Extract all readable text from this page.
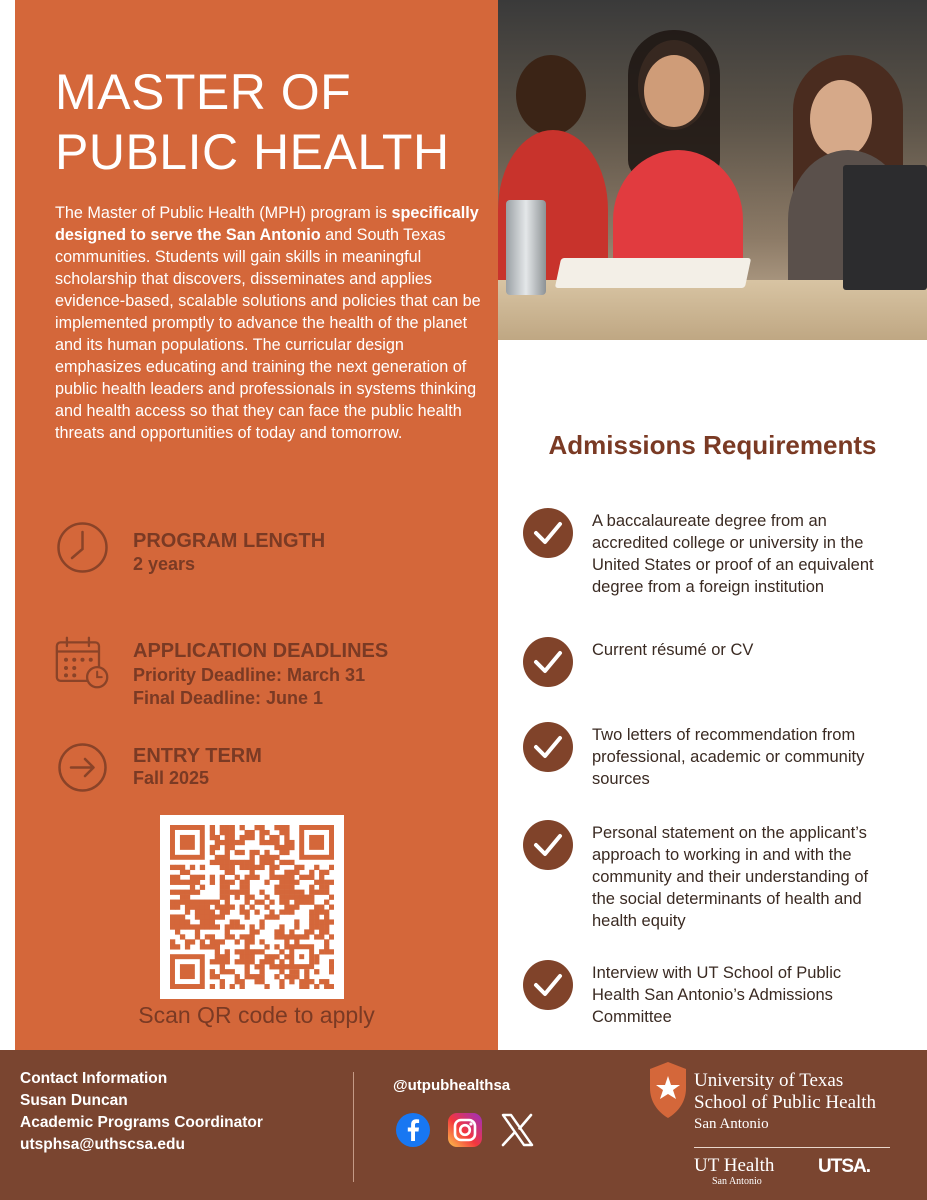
MASTER OF
PUBLIC HEALTH
The Master of Public Health (MPH) program is specifically designed to serve the San Antonio and South Texas communities. Students will gain skills in meaningful scholarship that discovers, disseminates and applies evidence-based, scalable solutions and policies that can be implemented promptly to advance the health of the planet and its human populations. The curricular design emphasizes educating and training the next generation of public health leaders and professionals in systems thinking and health access so that they can face the public health threats and opportunities of today and tomorrow.
PROGRAM LENGTH
2 years
APPLICATION DEADLINES
Priority Deadline: March 31
Final Deadline: June 1
ENTRY TERM
Fall 2025
Scan QR code to apply
Admissions Requirements
A baccalaureate degree from an accredited college or university in the United States or proof of an equivalent degree from a foreign institution
Current résumé or CV
Two letters of recommendation from professional, academic or community sources
Personal statement on the applicant’s approach to working in and with the community and their understanding of the social determinants of health and health equity
Interview with UT School of Public Health San Antonio’s Admissions Committee
Contact Information
Susan Duncan
Academic Programs Coordinator
utsphsa@uthscsa.edu
@utpubhealthsa	University of Texas
School of Public Health
San Antonio
UT Health
San Antonio
UTSA.
